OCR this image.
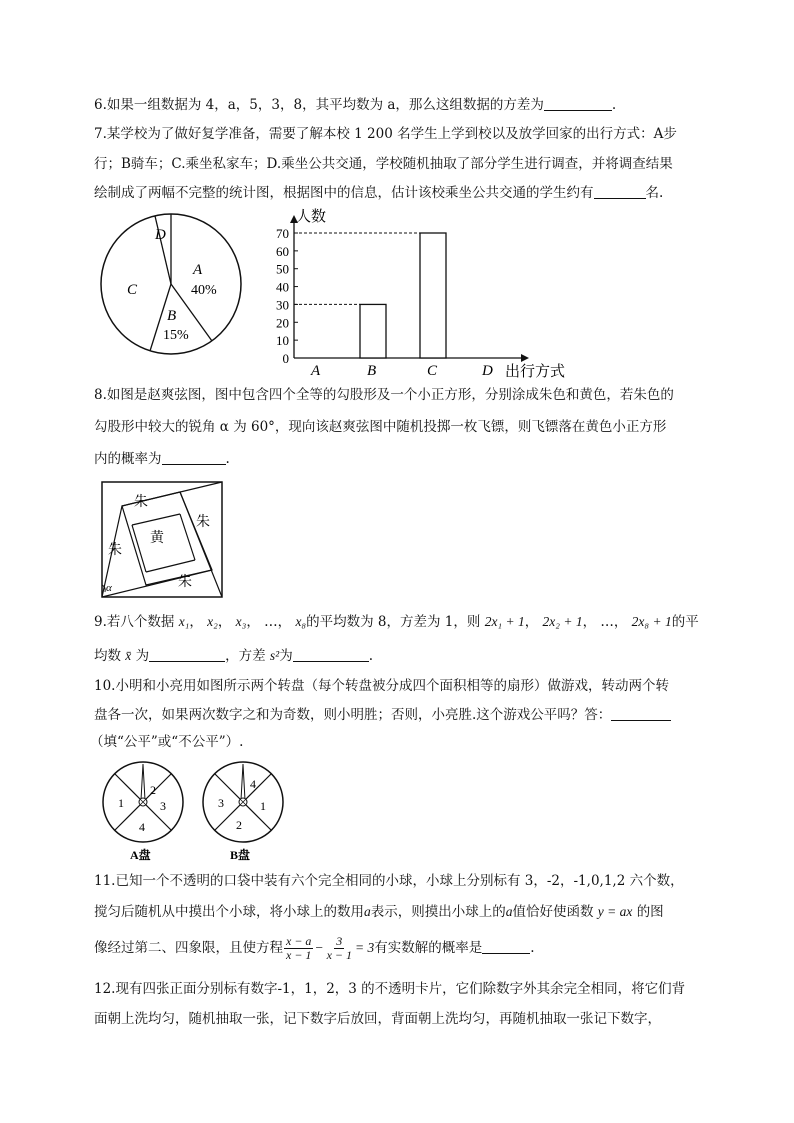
6.如果一组数据为 4，a，5，3，8，其平均数为 a，那么这组数据的方差为	.
7.某学校为了做好复学准备，需要了解本校 1 200 名学生上学到校以及放学回家的出行方式：A步
行；B骑车；C.乘坐私家车；D.乘坐公共交通，学校随机抽取了部分学生进行调查，并将调查结果
绘制成了两幅不完整的统计图，根据图中的信息，估计该校乘坐公共交通的学生约有	名.
D
A
40%
C
B
15%
人数
0
10
20
30
40
50
60
70
A	B	C	D 出行方式
8.如图是赵爽弦图，图中包含四个全等的勾股形及一个小正方形，分别涂成朱色和黄色，若朱色的
勾股形中较大的锐角 α 为 60°，现向该赵爽弦图中随机投掷一枚飞镖，则飞镖落在黄色小正方形
内的概率为	.
朱
朱
黄
朱
朱
α
9.若八个数据 x₁， x₂， x₃， …， x₈的平均数为 8，方差为 1，则 2x₁ + 1， 2x₂ + 1， …， 2x₈ + 1的平
均数 x̄ 为	，方差 s²为	.
10.小明和小亮用如图所示两个转盘（每个转盘被分成四个面积相等的扇形）做游戏，转动两个转
盘各一次，如果两次数字之和为奇数，则小明胜；否则，小亮胜.这个游戏公平吗？答：
（填“公平”或“不公平”）.
1
2
3
4
A盘
3
4
1
2
B盘
11.已知一个不透明的口袋中装有六个完全相同的小球，小球上分别标有 3，-2，-1,0,1,2 六个数，
搅匀后随机从中摸出个小球，将小球上的数用a表示，则摸出小球上的a值恰好使函数 y = ax 的图
像经过第二、四象限，且使方程 $\frac{x - a}{x - 1} - \frac{3}{x - 1} = 3$有实数解的概率是	.
12.现有四张正面分别标有数字-1，1，2，3 的不透明卡片，它们除数字外其余完全相同，将它们背
面朝上洗均匀，随机抽取一张，记下数字后放回，背面朝上洗均匀，再随机抽取一张记下数字，
